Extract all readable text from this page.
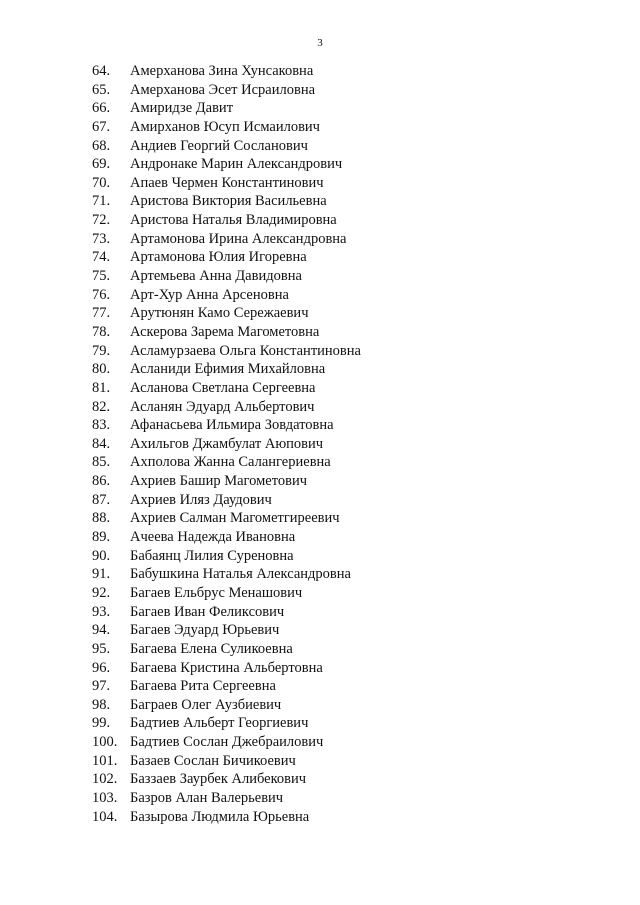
3
64.	Амерханова Зина Хунсаковна
65.	Амерханова Эсет Исраиловна
66.	Амиридзе Давит
67.	Амирханов Юсуп Исмаилович
68.	Андиев Георгий Сосланович
69.	Андронаке Марин Александрович
70.	Апаев Чермен Константинович
71.	Аристова Виктория Васильевна
72.	Аристова Наталья Владимировна
73.	Артамонова Ирина Александровна
74.	Артамонова Юлия Игоревна
75.	Артемьева Анна Давидовна
76.	Арт-Хур Анна Арсеновна
77.	Арутюнян Камо Сережаевич
78.	Аскерова Зарема Магометовна
79.	Асламурзаева Ольга Константиновна
80.	Асланиди Ефимия Михайловна
81.	Асланова Светлана Сергеевна
82.	Асланян Эдуард Альбертович
83.	Афанасьева Ильмира Зовдатовна
84.	Ахильгов Джамбулат Аюпович
85.	Ахполова Жанна Салангериевна
86.	Ахриев Башир Магометович
87.	Ахриев Иляз Даудович
88.	Ахриев Салман Магометгиреевич
89.	Ачеева Надежда Ивановна
90.	Бабаянц Лилия Суреновна
91.	Бабушкина Наталья Александровна
92.	Багаев Ельбрус Менашович
93.	Багаев Иван Феликсович
94.	Багаев Эдуард Юрьевич
95.	Багаева Елена Суликоевна
96.	Багаева Кристина Альбертовна
97.	Багаева Рита Сергеевна
98.	Баграев Олег Аузбиевич
99.	Бадтиев Альберт Георгиевич
100. Бадтиев Сослан Джебраилович
101. Базаев Сослан Бичикоевич
102. Баззаев Заурбек Алибекович
103. Базров Алан Валерьевич
104. Базырова Людмила Юрьевна
